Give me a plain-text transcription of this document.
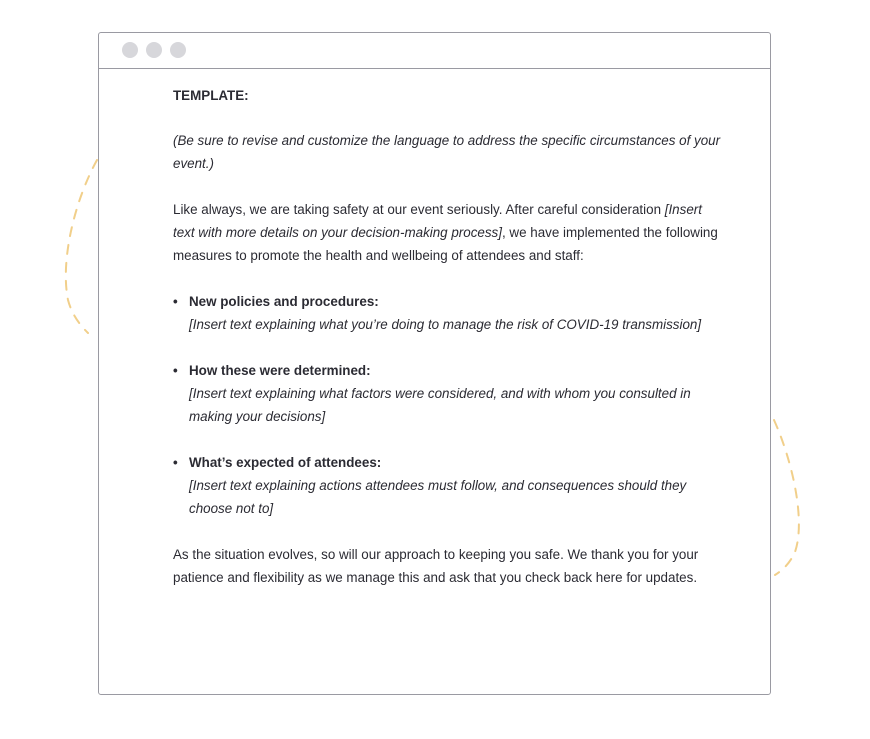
TEMPLATE:

(Be sure to revise and customize the language to address the specific circumstances of your event.)

Like always, we are taking safety at our event seriously. After careful consideration [Insert text with more details on your decision-making process], we have implemented the following measures to promote the health and wellbeing of attendees and staff:

• New policies and procedures:
[Insert text explaining what you’re doing to manage the risk of COVID-19 transmission]
• How these were determined:
[Insert text explaining what factors were considered, and with whom you consulted in making your decisions]
• What’s expected of attendees:
[Insert text explaining actions attendees must follow, and consequences should they choose not to]

As the situation evolves, so will our approach to keeping you safe. We thank you for your patience and flexibility as we manage this and ask that you check back here for updates.
